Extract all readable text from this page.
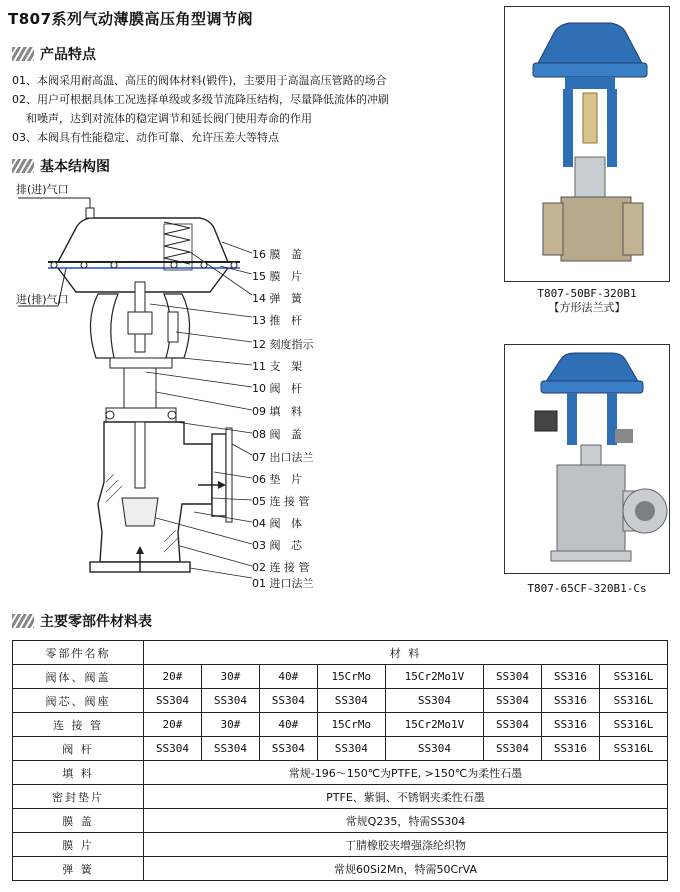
T807系列气动薄膜高压角型调节阀
产品特点
01、本阀采用耐高温、高压的阀体材料(锻件)，主要用于高温高压管路的场合
02、用户可根据具体工况选择单级或多级节流降压结构，尽量降低流体的冲刷
和噪声，达到对流体的稳定调节和延长阀门使用寿命的作用
03、本阀具有性能稳定、动作可靠、允许压差大等特点
基本结构图
排(进)气口
进(排)气口
16 膜   盖
15 膜   片
14 弹   簧
13 推   杆
12 刻度指示
11 支   架
10 阀   杆
09 填   料
08 阀   盖
07 出口法兰
06 垫   片
05 连 接 管
04 阀   体
03 阀   芯
02 连 接 管
01 进口法兰
T807-50BF-320B1
【方形法兰式】
T807-65CF-320B1-Cs
主要零部件材料表
零部件名称	材 料							
阀体、阀盖	20#	30#	40#	15CrMo	15Cr2Mo1V	SS304	SS316	SS316L
阀芯、阀座	SS304	SS304	SS304	SS304	SS304	SS304	SS316	SS316L
连 接 管	20#	30#	40#	15CrMo	15Cr2Mo1V	SS304	SS316	SS316L
阀 杆	SS304	SS304	SS304	SS304	SS304	SS304	SS316	SS316L
填 料	常规-196～150℃为PTFE, >150℃为柔性石墨							
密封垫片	PTFE、紫铜、不锈钢夹柔性石墨							
膜 盖	常规Q235，特需SS304							
膜 片	丁腈橡胶夹增强涤纶织物							
弹 簧	常规60Si2Mn，特需50CrVA							
